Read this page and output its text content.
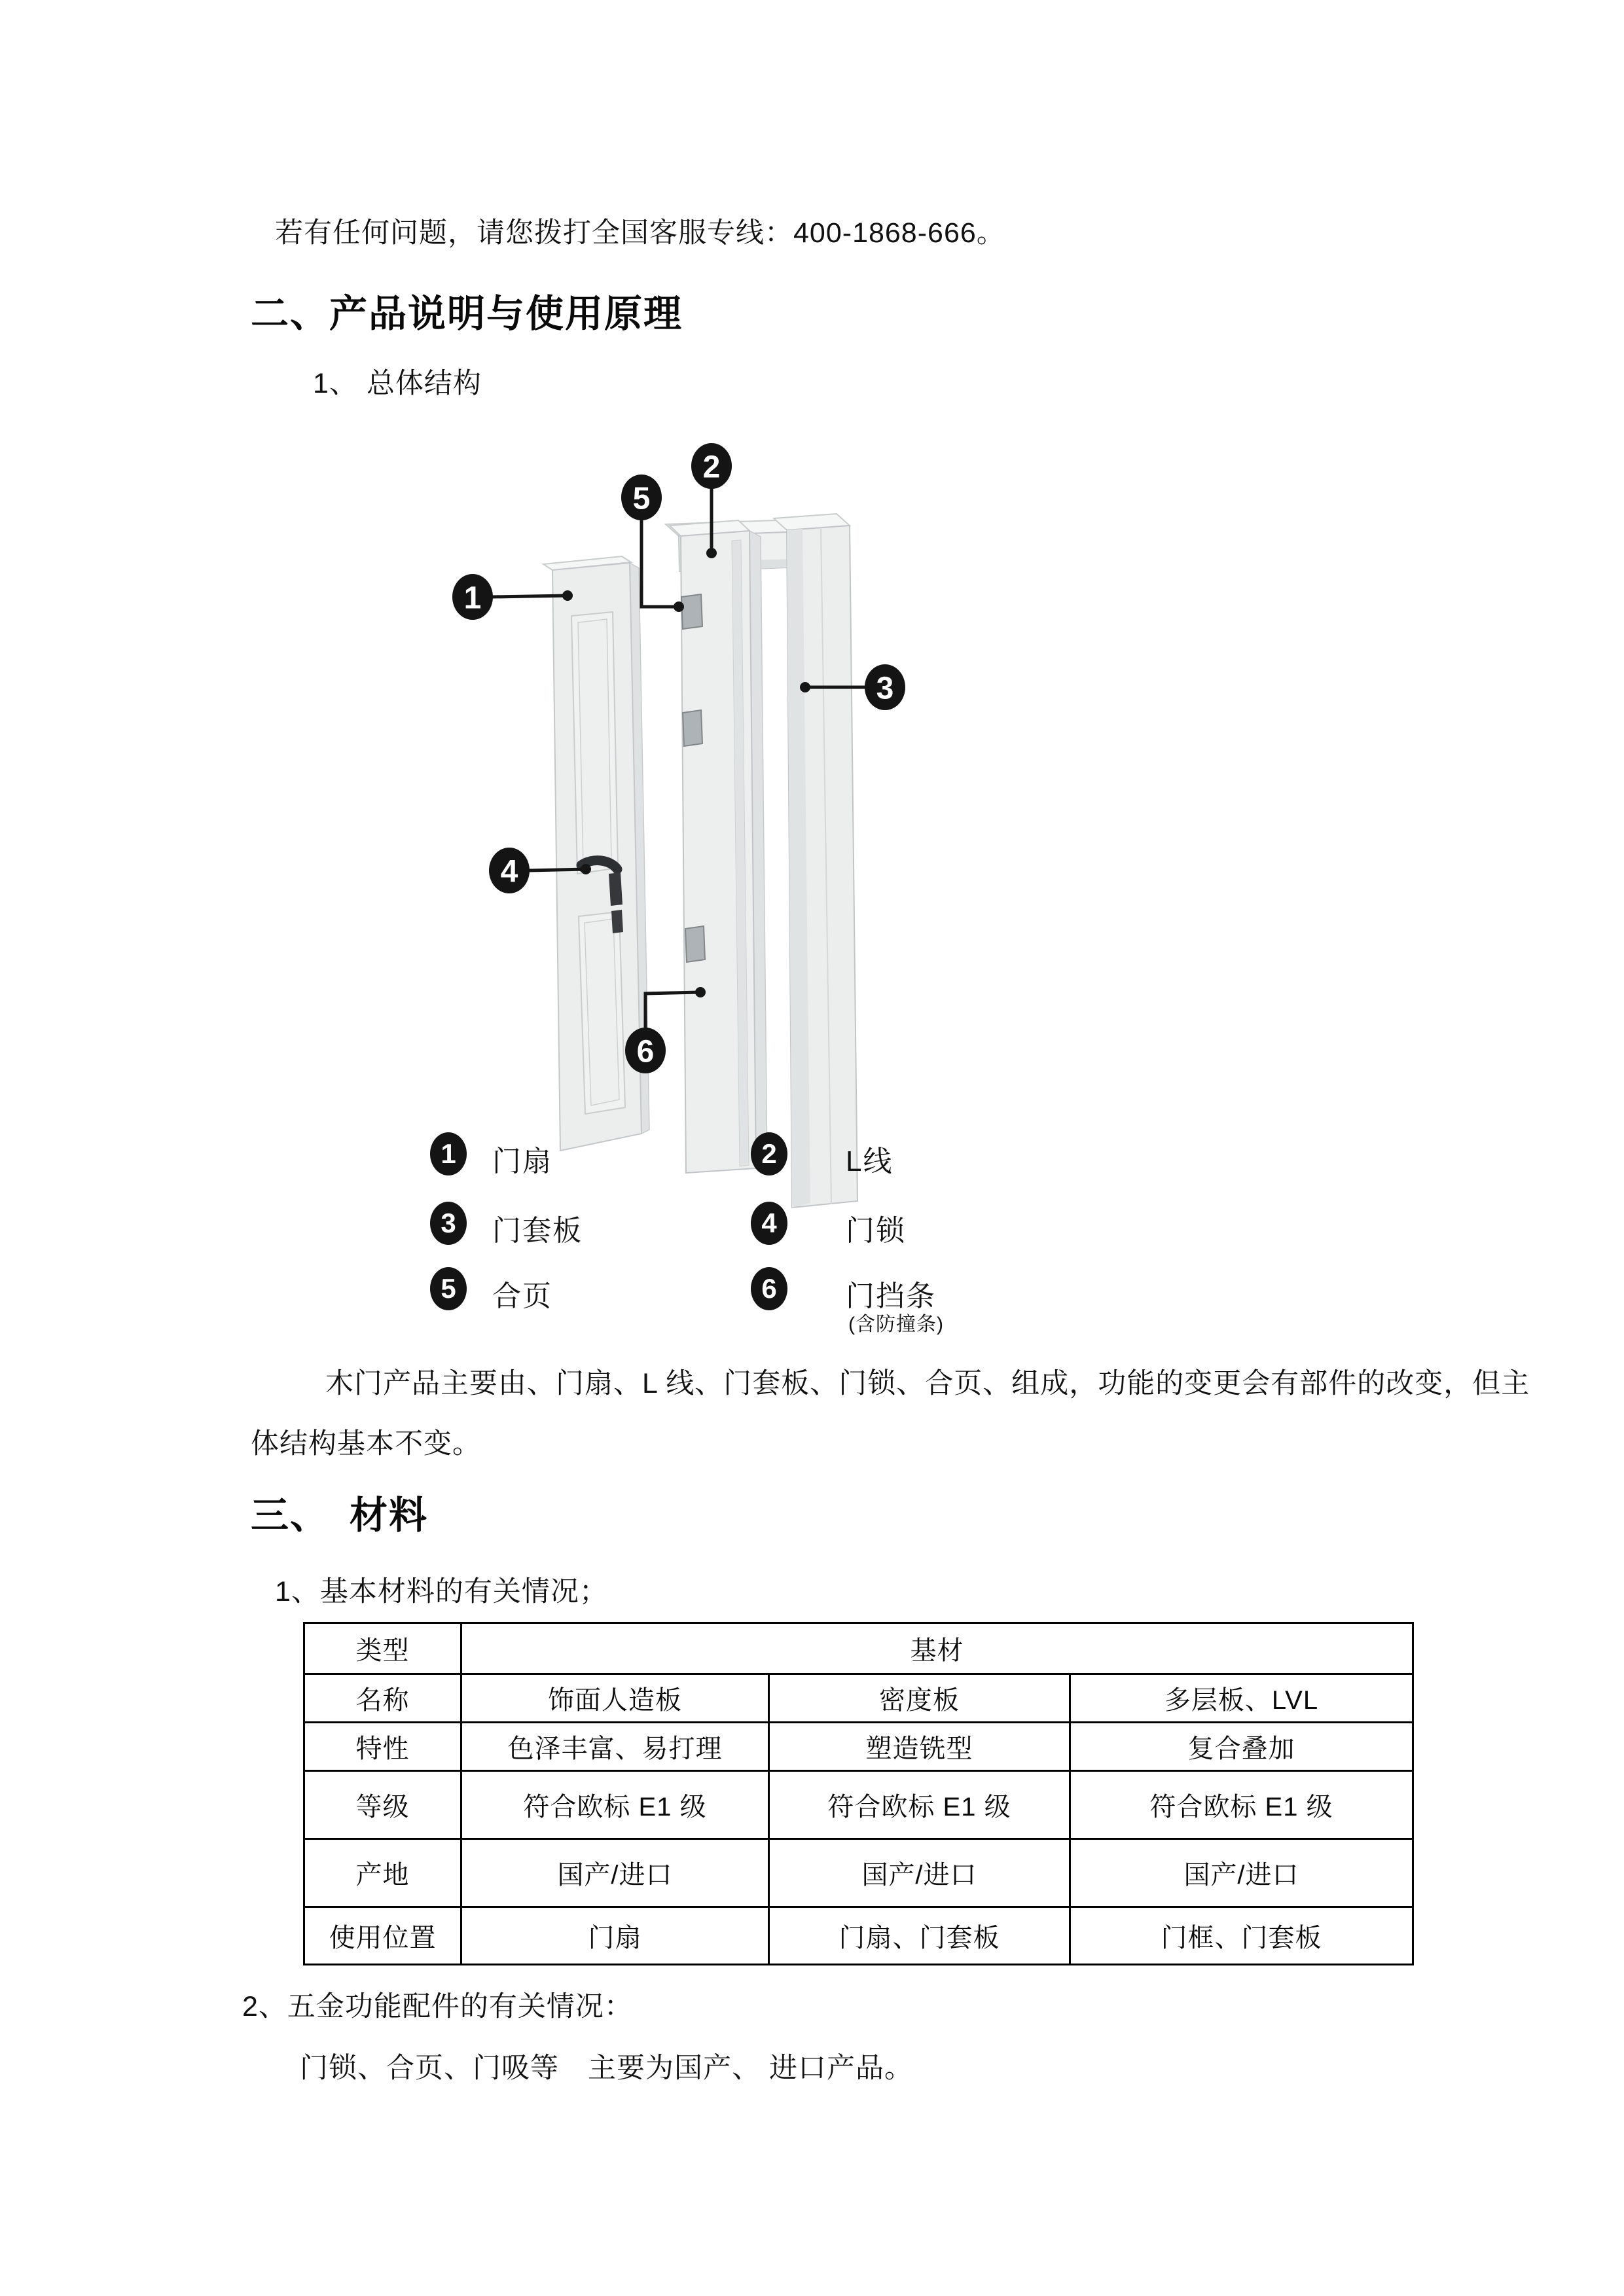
若有任何问题，请您拨打全国客服专线：400-1868-666。
二、产品说明与使用原理
1、 总体结构
1
2
3
4
5
6
1 门扇	2 L线
3 门套板	4 门锁
5 合页	6 门挡条
(含防撞条)
木门产品主要由、门扇、L 线、门套板、门锁、合页、组成，功能的变更会有部件的改变，但主
体结构基本不变。
三、　材料
1、基本材料的有关情况；
类型	基材		
名称	饰面人造板	密度板	多层板、LVL
特性	色泽丰富、易打理	塑造铣型	复合叠加
等级	符合欧标 E1 级	符合欧标 E1 级	符合欧标 E1 级
产地	国产/进口	国产/进口	国产/进口
使用位置	门扇	门扇、门套板	门框、门套板
2、五金功能配件的有关情况：
门锁、合页、门吸等　主要为国产、 进口产品。
